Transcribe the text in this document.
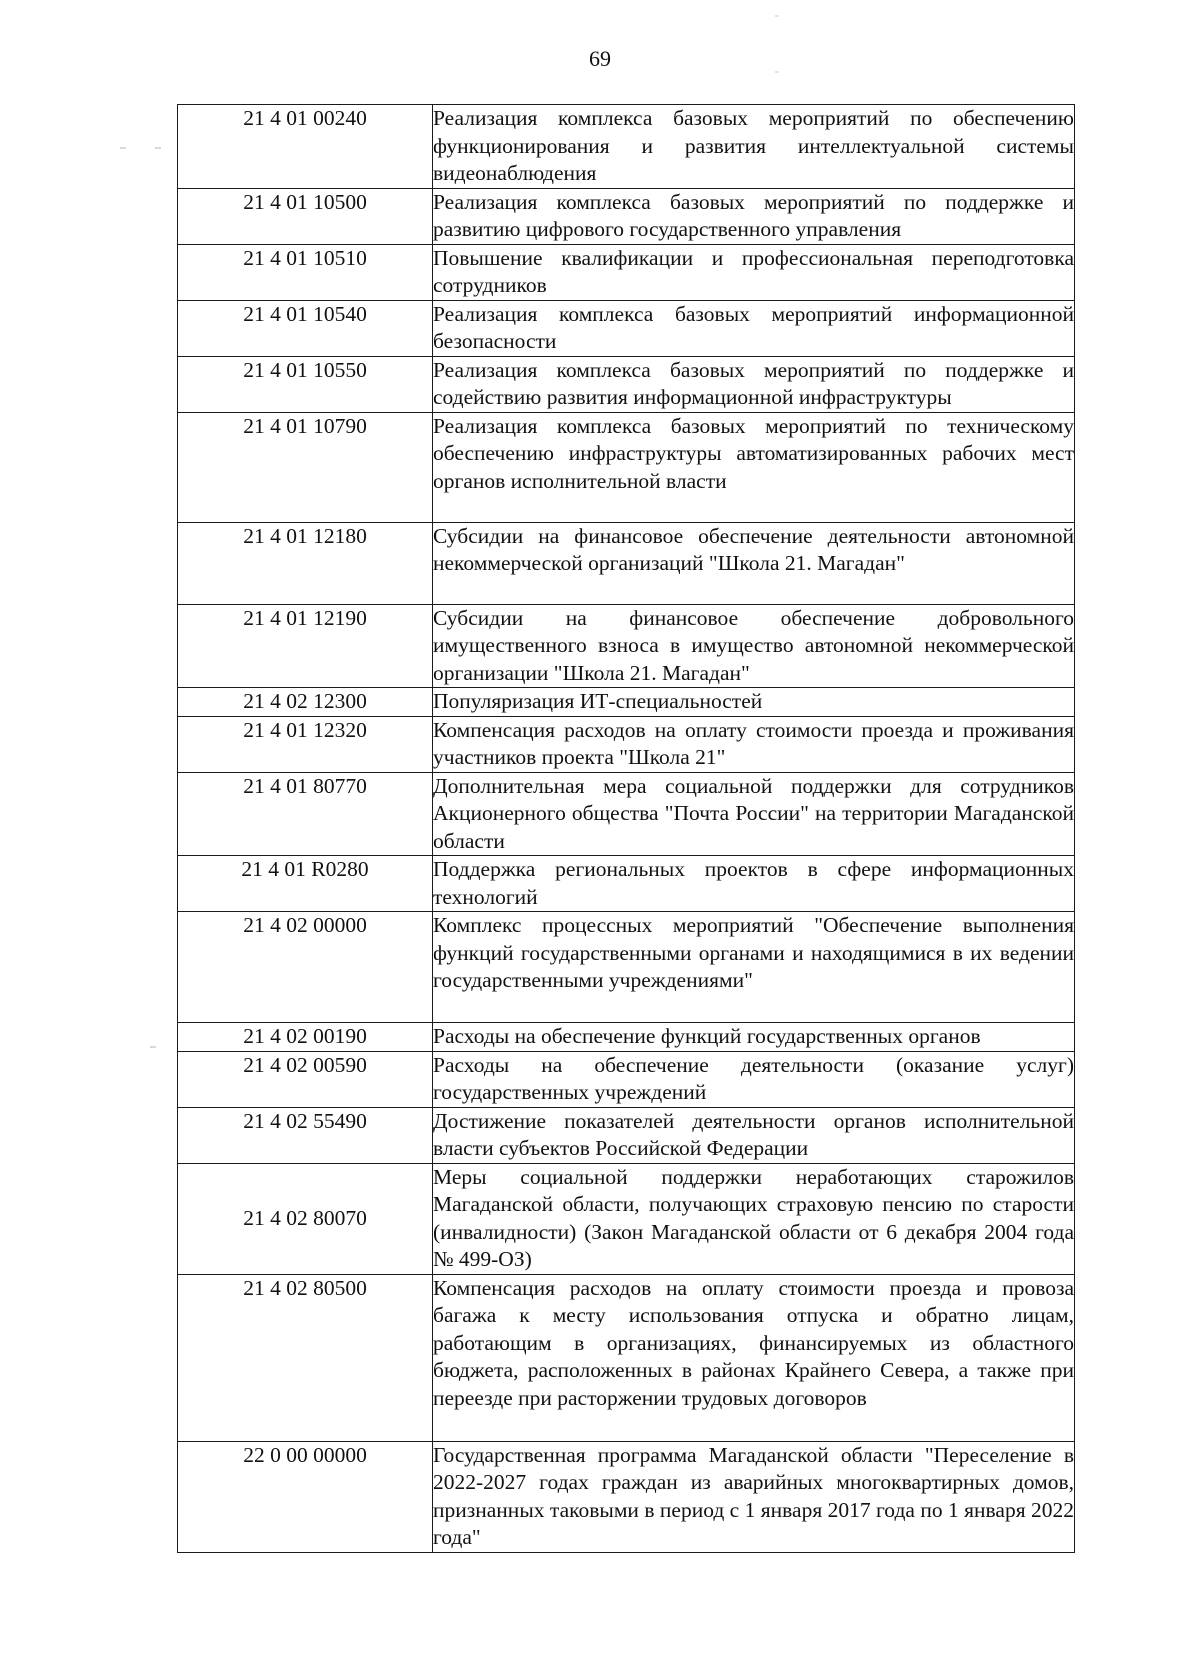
69
21 4 01 00240	Реализация комплекса базовых мероприятий по обеспечению функционирования и развития интеллектуальной системы видеонаблюдения
21 4 01 10500	Реализация комплекса базовых мероприятий по поддержке и развитию цифрового государственного управления
21 4 01 10510	Повышение квалификации и профессиональная переподготовка сотрудников
21 4 01 10540	Реализация комплекса базовых мероприятий информационной безопасности
21 4 01 10550	Реализация комплекса базовых мероприятий по поддержке и содействию развития информационной инфраструктуры
21 4 01 10790	Реализация комплекса базовых мероприятий по техническому обеспечению инфраструктуры автоматизированных рабочих мест органов исполнительной власти
21 4 01 12180	Субсидии на финансовое обеспечение деятельности автономной некоммерческой организаций "Школа 21. Магадан"
21 4 01 12190	Субсидии на финансовое обеспечение добровольного имущественного взноса в имущество автономной некоммерческой организации "Школа 21. Магадан"
21 4 02 12300	Популяризация ИТ-специальностей
21 4 01 12320	Компенсация расходов на оплату стоимости проезда и проживания участников проекта "Школа 21"
21 4 01 80770	Дополнительная мера социальной поддержки для сотрудников Акционерного общества "Почта России" на территории Магаданской области
21 4 01 R0280	Поддержка региональных проектов в сфере информационных технологий
21 4 02 00000	Комплекс процессных мероприятий "Обеспечение выполнения функций государственными органами и находящимися в их ведении государственными учреждениями"
21 4 02 00190	Расходы на обеспечение функций государственных органов
21 4 02 00590	Расходы на обеспечение деятельности (оказание услуг) государственных учреждений
21 4 02 55490	Достижение показателей деятельности органов исполнительной власти субъектов Российской Федерации
21 4 02 80070	Меры социальной поддержки неработающих старожилов Магаданской области, получающих страховую пенсию по старости (инвалидности) (Закон Магаданской области от 6 декабря 2004 года № 499-ОЗ)
21 4 02 80500	Компенсация расходов на оплату стоимости проезда и провоза багажа к месту использования отпуска и обратно лицам, работающим в организациях, финансируемых из областного бюджета, расположенных в районах Крайнего Севера, а также при переезде при расторжении трудовых договоров
22 0 00 00000	Государственная программа Магаданской области "Переселение в 2022-2027 годах граждан из аварийных многоквартирных домов, признанных таковыми в период с 1 января 2017 года по 1 января 2022 года"
